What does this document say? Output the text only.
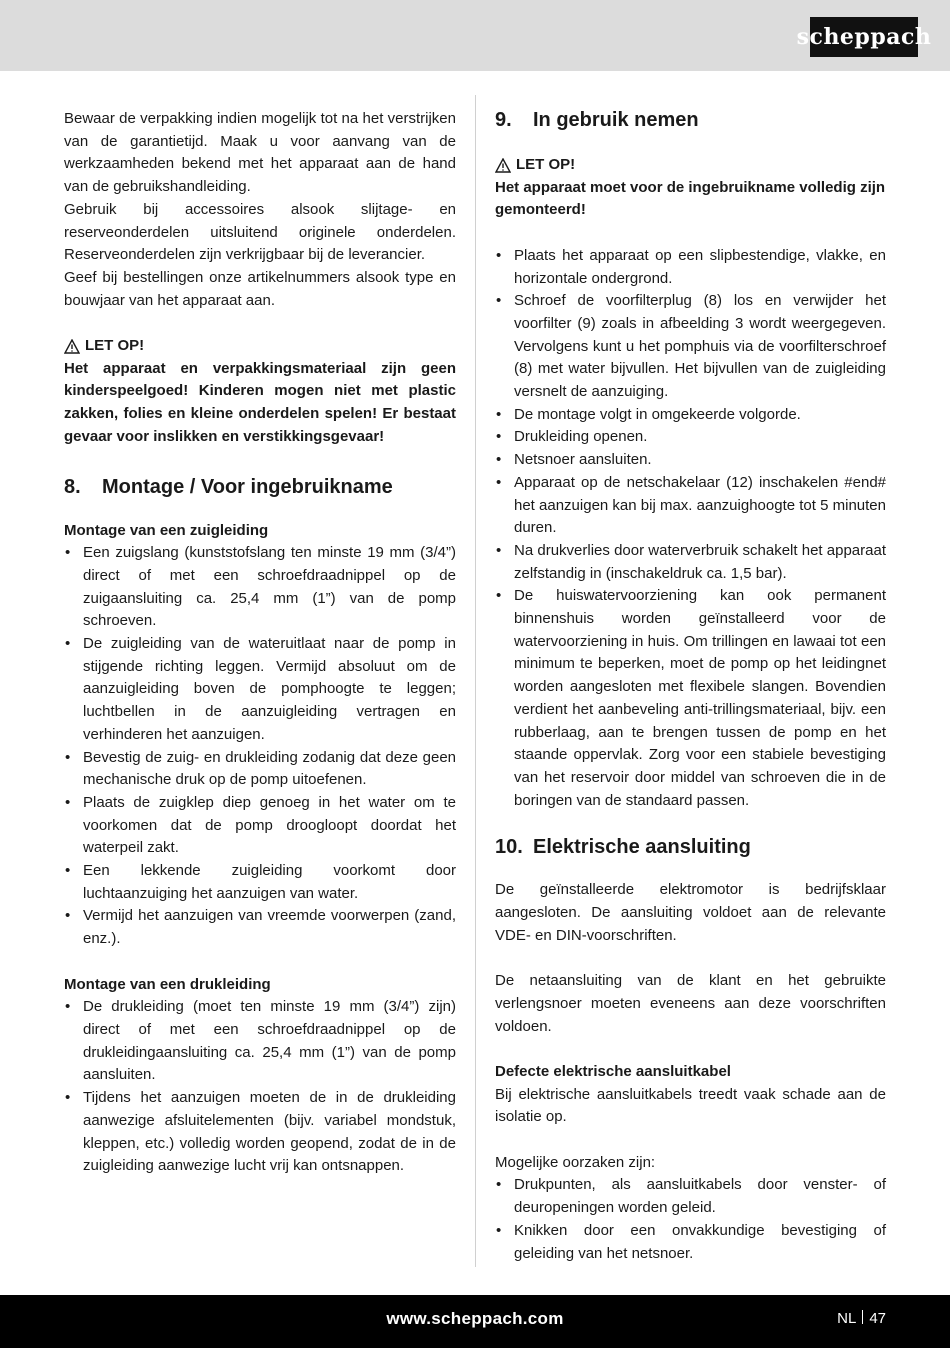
scheppach

Bewaar de verpakking indien mogelijk tot na het verstrijken van de garantietijd. Maak u voor aanvang van de werkzaamheden bekend met het apparaat aan de hand van de gebruikshandleiding.

Gebruik bij accessoires alsook slijtage- en reserveonderdelen uitsluitend originele onderdelen. Reserveonderdelen zijn verkrijgbaar bij de leverancier.

Geef bij bestellingen onze artikelnummers alsook type en bouwjaar van het apparaat aan.

LET OP!

Het apparaat en verpakkingsmateriaal zijn geen kinderspeelgoed! Kinderen mogen niet met plastic zakken, folies en kleine onderdelen spelen! Er bestaat gevaar voor inslikken en verstikkingsgevaar!

8.	Montage / Voor ingebruikname

Montage van een zuigleiding

• Een zuigslang (kunststofslang ten minste 19 mm (3/4”) direct of met een schroefdraadnippel op de zuigaansluiting ca. 25,4 mm (1”) van de pomp schroeven.
• De zuigleiding van de wateruitlaat naar de pomp in stijgende richting leggen. Vermijd absoluut om de aanzuigleiding boven de pomphoogte te leggen; luchtbellen in de aanzuigleiding vertragen en verhinderen het aanzuigen.
• Bevestig de zuig- en drukleiding zodanig dat deze geen mechanische druk op de pomp uitoefenen.
• Plaats de zuigklep diep genoeg in het water om te voorkomen dat de pomp droogloopt doordat het waterpeil zakt.
• Een lekkende zuigleiding voorkomt door luchtaanzuiging het aanzuigen van water.
• Vermijd het aanzuigen van vreemde voorwerpen (zand, enz.).

Montage van een drukleiding

• De drukleiding (moet ten minste 19 mm (3/4”) zijn) direct of met een schroefdraadnippel op de drukleidingaansluiting ca. 25,4 mm (1”) van de pomp aansluiten.
• Tijdens het aanzuigen moeten de in de drukleiding aanwezige afsluitelementen (bijv. variabel mondstuk, kleppen, etc.) volledig worden geopend, zodat de in de zuigleiding aanwezige lucht vrij kan ontsnappen.
9.	In gebruik nemen
LET OP!

Het apparaat moet voor de ingebruikname volledig zijn gemonteerd!

• Plaats het apparaat op een slipbestendige, vlakke, en horizontale ondergrond.
• Schroef de voorfilterplug (8) los en verwijder het voorfilter (9) zoals in afbeelding 3 wordt weergegeven. Vervolgens kunt u het pomphuis via de voorfilterschroef (8) met water bijvullen. Het bijvullen van de zuigleiding versnelt de aanzuiging.
• De montage volgt in omgekeerde volgorde.
• Drukleiding openen.
• Netsnoer aansluiten.
• Apparaat op de netschakelaar (12) inschakelen #end# het aanzuigen kan bij max. aanzuighoogte tot 5 minuten duren.
• Na drukverlies door waterverbruik schakelt het apparaat zelfstandig in (inschakeldruk ca. 1,5 bar).
• De huiswatervoorziening kan ook permanent binnenshuis worden geïnstalleerd voor de watervoorziening in huis. Om trillingen en lawaai tot een minimum te beperken, moet de pomp op het leidingnet worden aangesloten met flexibele slangen. Bovendien verdient het aanbeveling anti-trillingsmateriaal, bijv. een rubberlaag, aan te brengen tussen de pomp en het staande oppervlak. Zorg voor een stabiele bevestiging van het reservoir door middel van schroeven die in de boringen van de standaard passen.
10. Elektrische aansluiting

De geïnstalleerde elektromotor is bedrijfsklaar aangesloten. De aansluiting voldoet aan de relevante VDE- en DIN-voorschriften.

De netaansluiting van de klant en het gebruikte verlengsnoer moeten eveneens aan deze voorschriften voldoen.

Defecte elektrische aansluitkabel

Bij elektrische aansluitkabels treedt vaak schade aan de isolatie op.

Mogelijke oorzaken zijn:

• Drukpunten, als aansluitkabels door venster- of deuropeningen worden geleid.
• Knikken door een onvakkundige bevestiging of geleiding van het netsnoer.
www.scheppach.com	NL 47
